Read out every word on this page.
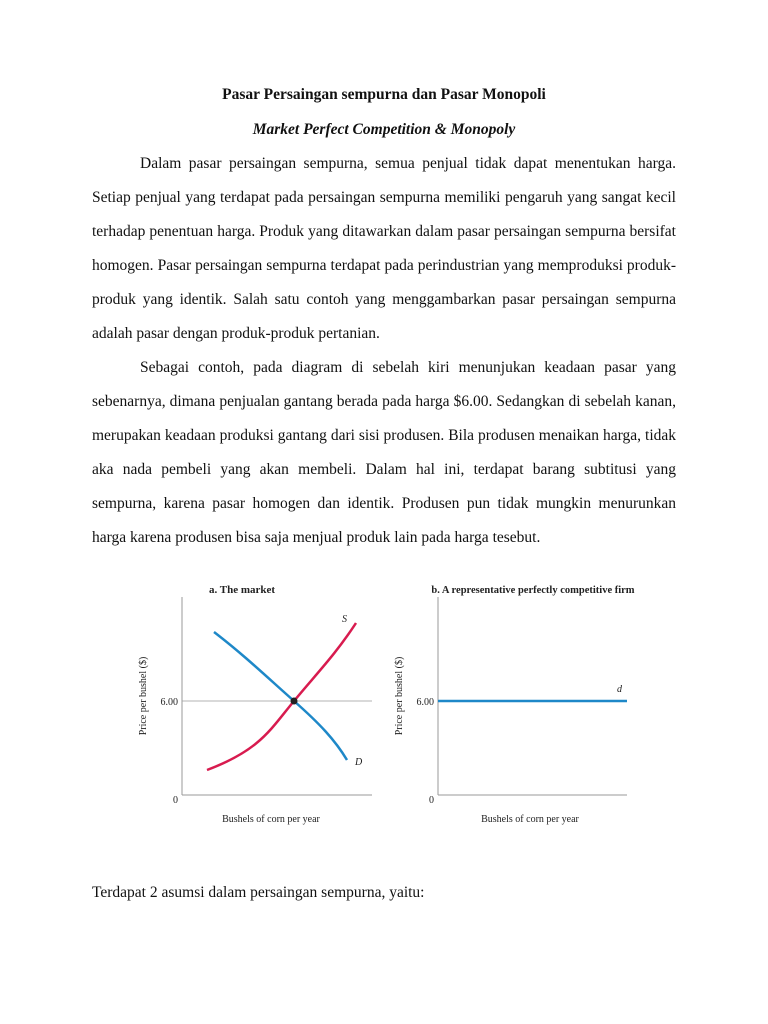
Pasar Persaingan sempurna dan Pasar Monopoli
Market Perfect Competition & Monopoly

Dalam pasar persaingan sempurna, semua penjual tidak dapat menentukan harga. Setiap penjual yang terdapat pada persaingan sempurna memiliki pengaruh yang sangat kecil terhadap penentuan harga. Produk yang ditawarkan dalam pasar persaingan sempurna bersifat homogen. Pasar persaingan sempurna terdapat pada perindustrian yang memproduksi produk-produk yang identik. Salah satu contoh yang menggambarkan pasar persaingan sempurna adalah pasar dengan produk-produk pertanian.

Sebagai contoh, pada diagram di sebelah kiri menunjukan keadaan pasar yang sebenarnya, dimana penjualan gantang berada pada harga $6.00. Sedangkan di sebelah kanan, merupakan keadaan produksi gantang dari sisi produsen. Bila produsen menaikan harga, tidak aka nada pembeli yang akan membeli. Dalam hal ini, terdapat barang subtitusi yang sempurna, karena pasar homogen dan identik. Produsen pun tidak mungkin menurunkan harga karena produsen bisa saja menjual produk lain pada harga tesebut.

a. The market
6.00
0
Price per bushel ($)
Bushels of corn per year
S
D
b. A representative perfectly competitive firm
6.00
0
Price per bushel ($)
Bushels of corn per year
d

Terdapat 2 asumsi dalam persaingan sempurna, yaitu:
